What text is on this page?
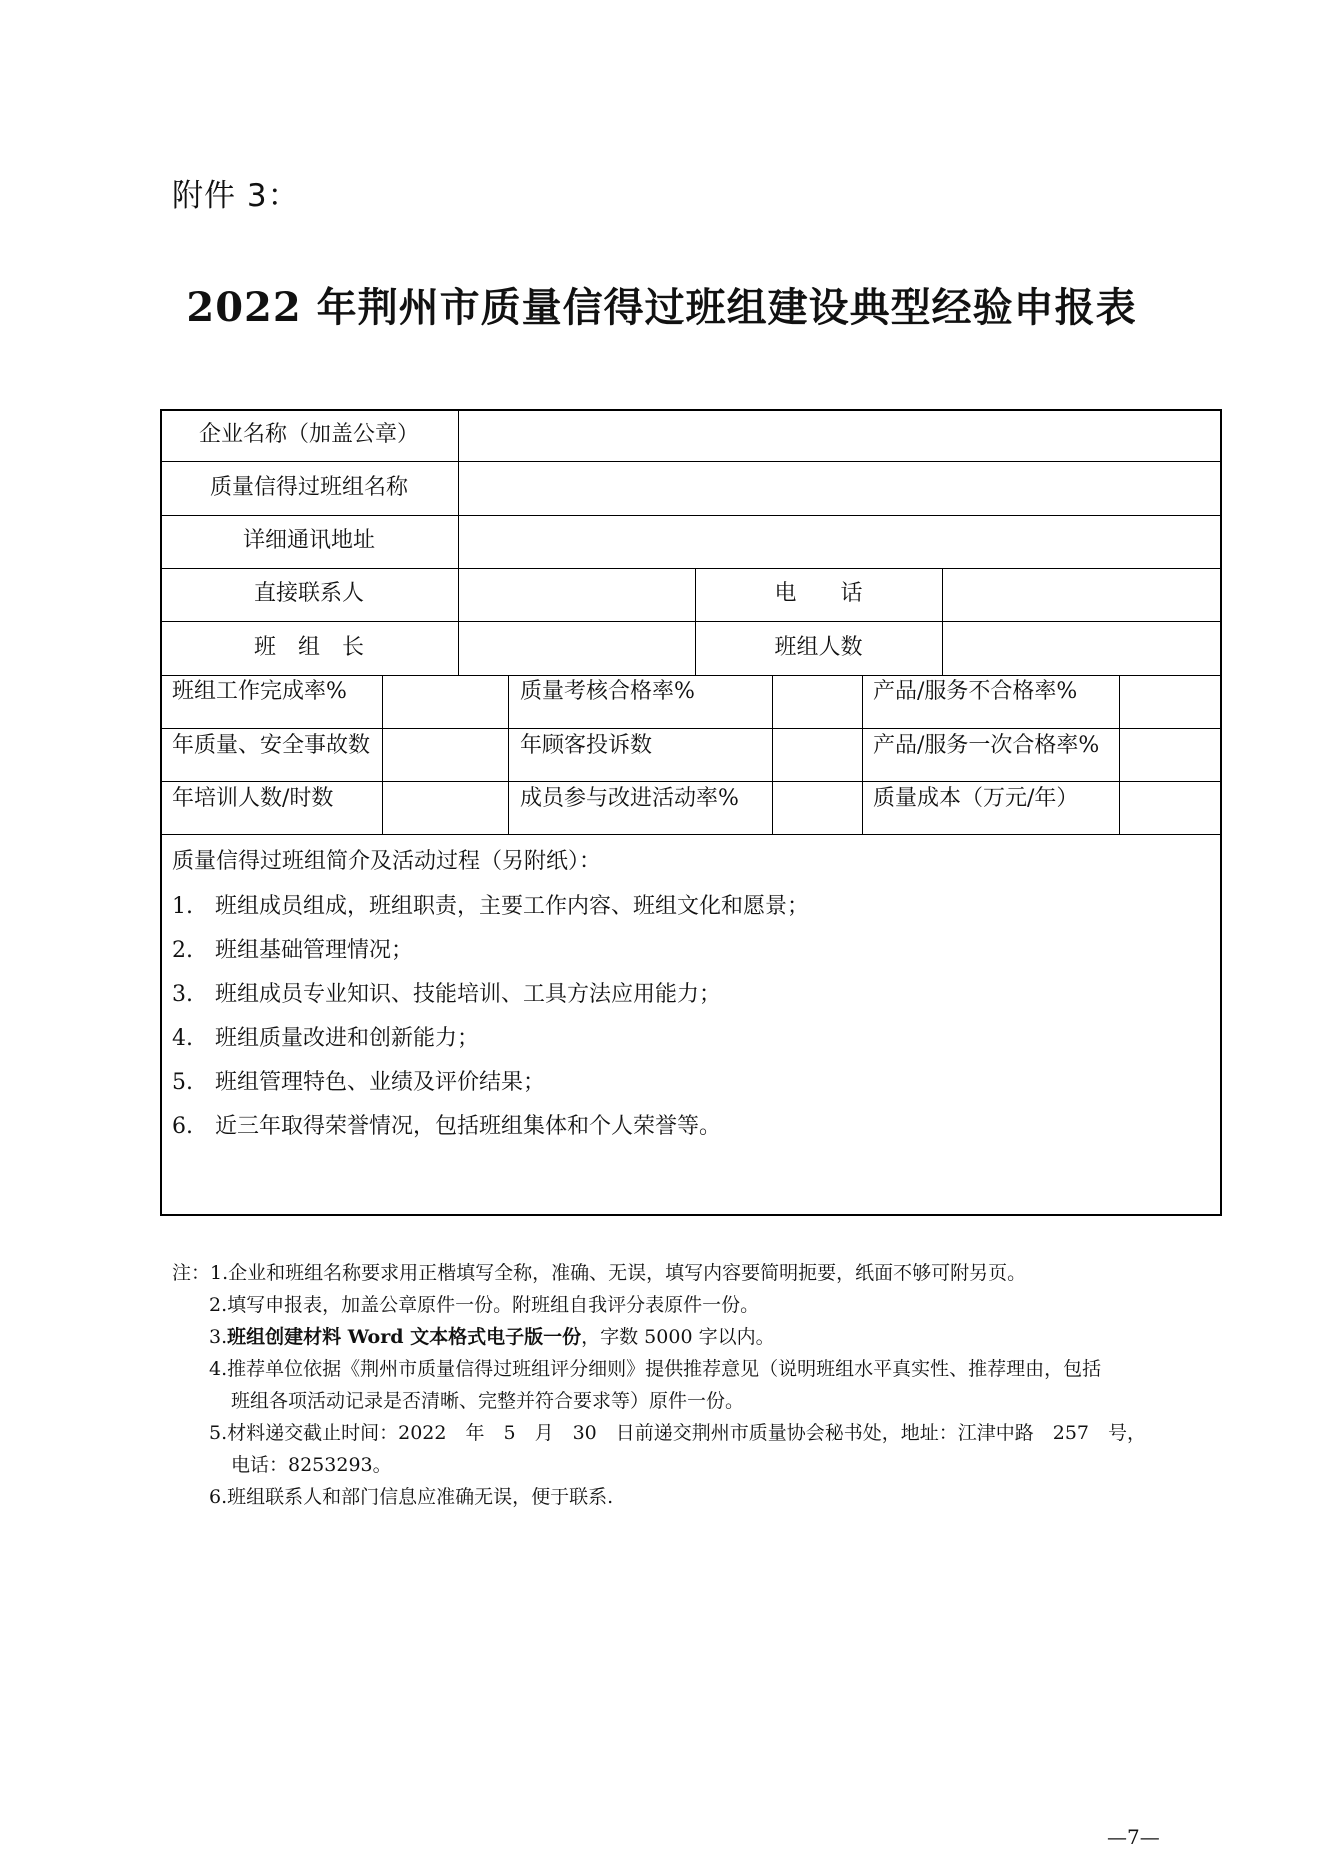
附件 3：
2022 年荆州市质量信得过班组建设典型经验申报表
企业名称（加盖公章）
质量信得过班组名称
详细通讯地址
直接联系人	电　　话
班　组　长	班组人数
班组工作完成率%	质量考核合格率%	产品/服务不合格率%
年质量、安全事故数	年顾客投诉数	产品/服务一次合格率%
年培训人数/时数	成员参与改进活动率%	质量成本（万元/年）
质量信得过班组简介及活动过程（另附纸）：
1.　班组成员组成，班组职责，主要工作内容、班组文化和愿景；
2.　班组基础管理情况；
3.　班组成员专业知识、技能培训、工具方法应用能力；
4.　班组质量改进和创新能力；
5.　班组管理特色、业绩及评价结果；
6.　近三年取得荣誉情况，包括班组集体和个人荣誉等。
注：1.企业和班组名称要求用正楷填写全称，准确、无误，填写内容要简明扼要，纸面不够可附另页。
2.填写申报表，加盖公章原件一份。附班组自我评分表原件一份。
3.班组创建材料 Word 文本格式电子版一份，字数 5000 字以内。
4.推荐单位依据《荆州市质量信得过班组评分细则》提供推荐意见（说明班组水平真实性、推荐理由，包括
班组各项活动记录是否清晰、完整并符合要求等）原件一份。
5.材料递交截止时间：2022　年　5　月　30　日前递交荆州市质量协会秘书处，地址：江津中路　257　号，
电话：8253293。
6.班组联系人和部门信息应准确无误，便于联系.
—7—
